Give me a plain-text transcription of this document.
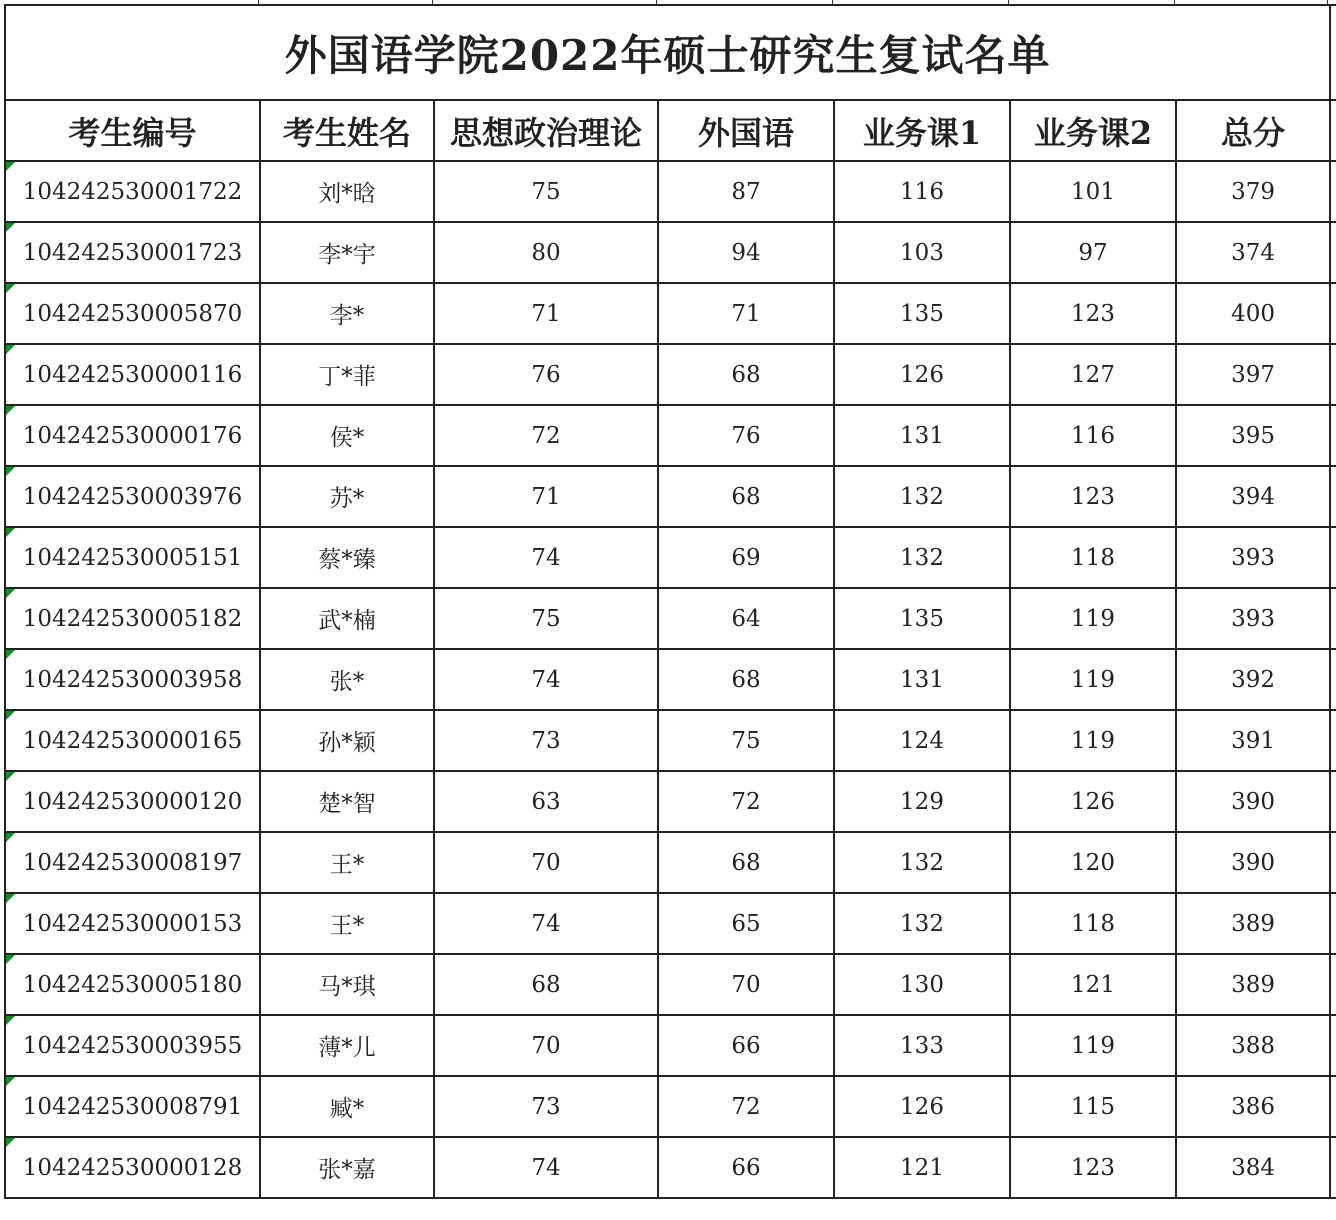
外国语学院2022年硕士研究生复试名单							
考生编号	考生姓名	思想政治理论	外国语	业务课1	业务课2	总分	

104242530001722	刘*晗	75	87	116	101	379	

104242530001723	李*宇	80	94	103	97	374	

104242530005870	李*	71	71	135	123	400	

104242530000116	丁*菲	76	68	126	127	397	

104242530000176	侯*	72	76	131	116	395	

104242530003976	苏*	71	68	132	123	394	

104242530005151	蔡*臻	74	69	132	118	393	

104242530005182	武*楠	75	64	135	119	393	

104242530003958	张*	74	68	131	119	392	

104242530000165	孙*颖	73	75	124	119	391	

104242530000120	楚*智	63	72	129	126	390	

104242530008197	王*	70	68	132	120	390	

104242530000153	王*	74	65	132	118	389	

104242530005180	马*琪	68	70	130	121	389	

104242530003955	薄*儿	70	66	133	119	388	

104242530008791	臧*	73	72	126	115	386	

104242530000128	张*嘉	74	66	121	123	384	
